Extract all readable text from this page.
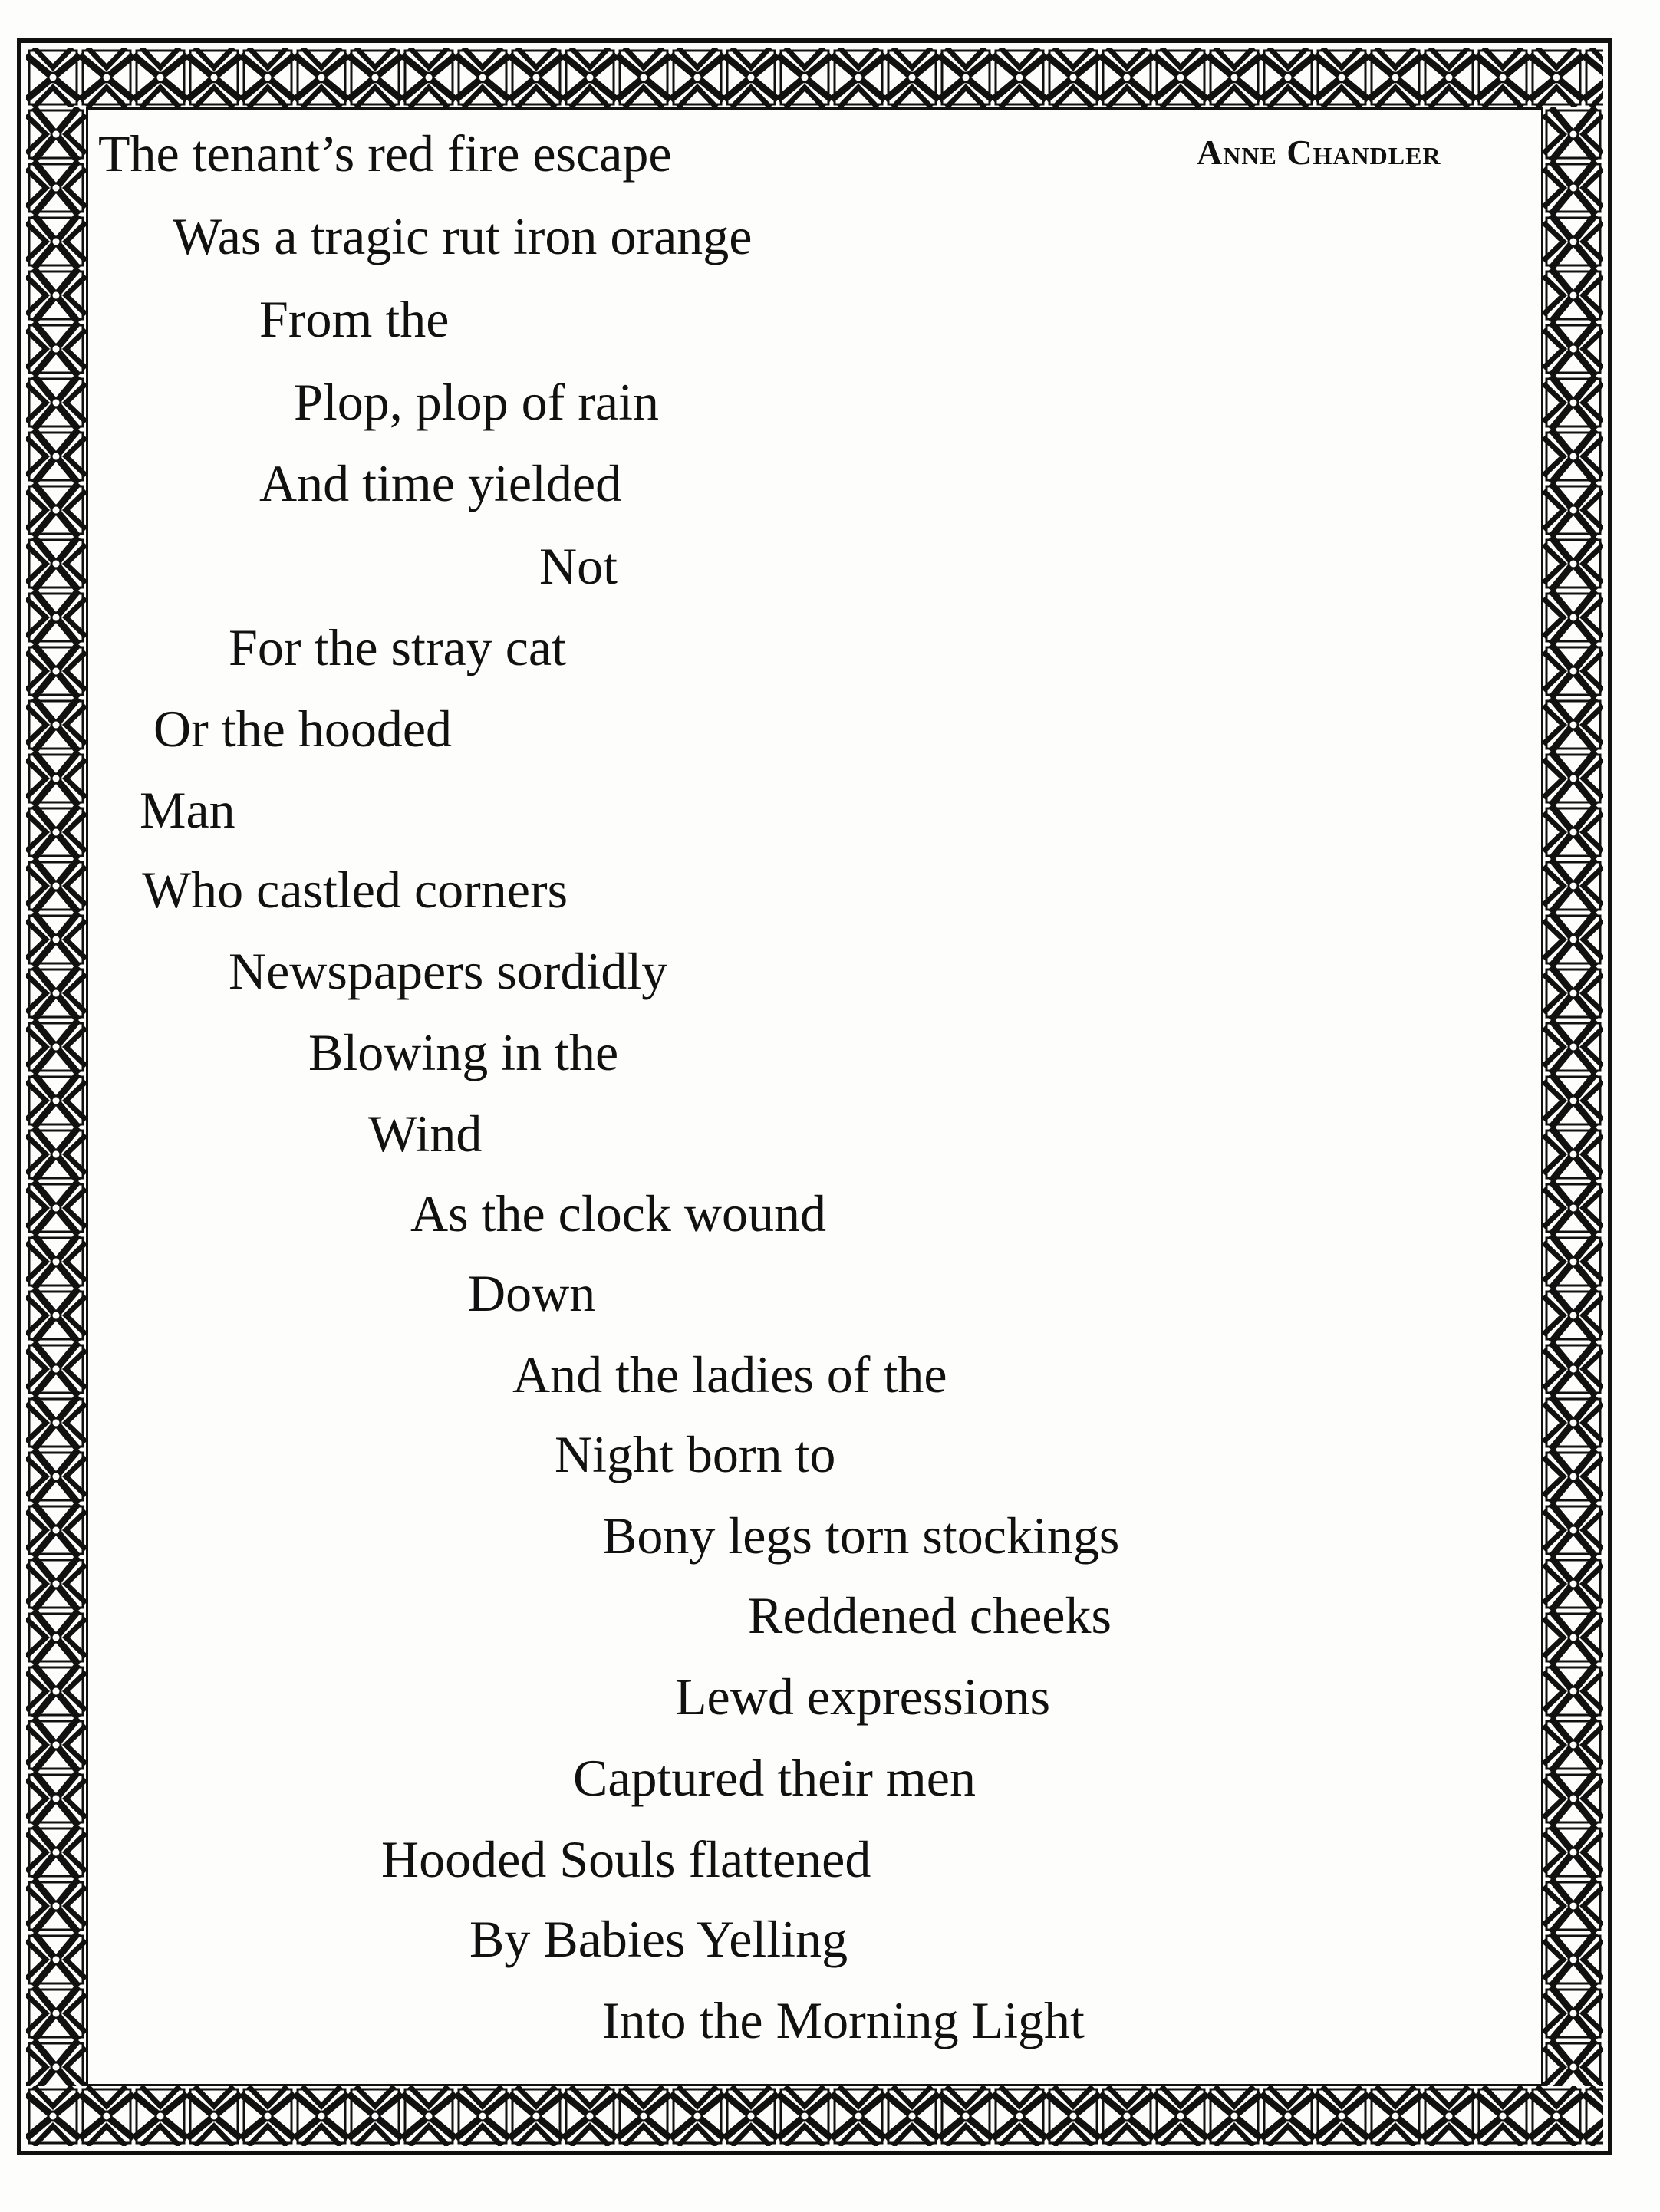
Anne Chandler
The tenant’s red fire escape
Was a tragic rut iron orange
From the
Plop, plop of rain
And time yielded
Not
For the stray cat
Or the hooded
Man
Who castled corners
Newspapers sordidly
Blowing in the
Wind
As the clock wound
Down
And the ladies of the
Night born to
Bony legs torn stockings
Reddened cheeks
Lewd expressions
Captured their men
Hooded Souls flattened
By Babies Yelling
Into the Morning Light
